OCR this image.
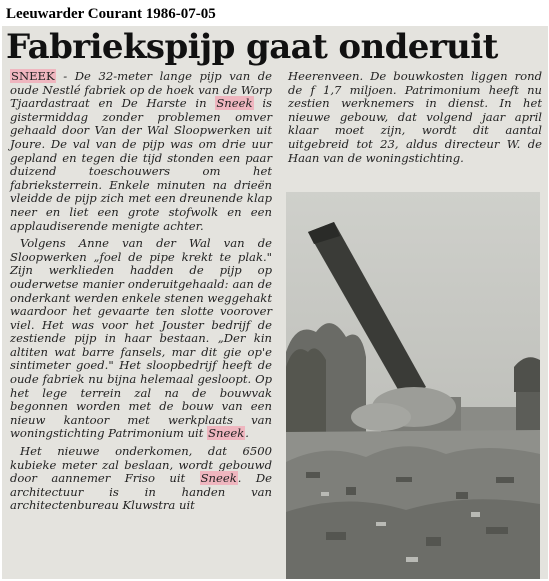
Leeuwarder Courant 1986-07-05
Fabriekspijp gaat onderuit

SNEEK - De 32-meter lange pijp van de oude Nestlé fabriek op de hoek van de Worp Tjaardastraat en De Harste in Sneek is gistermiddag zonder problemen omver gehaald door Van der Wal Sloopwerken uit Joure. De val van de pijp was om drie uur gepland en tegen die tijd stonden een paar duizend toeschouwers om het fabrieksterrein. Enkele minuten na drieën vleidde de pijp zich met een dreunende klap neer en liet een grote stofwolk en een applaudiserende menigte achter.

Volgens Anne van der Wal van de Sloopwerken „foel de pipe krekt te plak." Zijn werklieden hadden de pijp op ouderwetse manier onderuitgehaald: aan de onderkant werden enkele stenen weggehakt waardoor het gevaarte ten slotte voorover viel. Het was voor het Jouster bedrijf de zestiende pijp in haar bestaan. „Der kin altiten wat barre fansels, mar dit gie op'e sintimeter goed." Het sloopbedrijf heeft de oude fabriek nu bijna helemaal gesloopt. Op het lege terrein zal na de bouwvak begonnen worden met de bouw van een nieuw kantoor met werkplaats van woningstichting Patrimonium uit Sneek.

Het nieuwe onderkomen, dat 6500 kubieke meter zal beslaan, wordt gebouwd door aannemer Friso uit Sneek. De architectuur is in handen van architectenbureau Kluwstra uit

Heerenveen. De bouwkosten liggen rond de f 1,7 miljoen. Patrimonium heeft nu zestien werknemers in dienst. In het nieuwe gebouw, dat volgend jaar april klaar moet zijn, wordt dit aantal uitgebreid tot 23, aldus directeur W. de Haan van de woningstichting.
